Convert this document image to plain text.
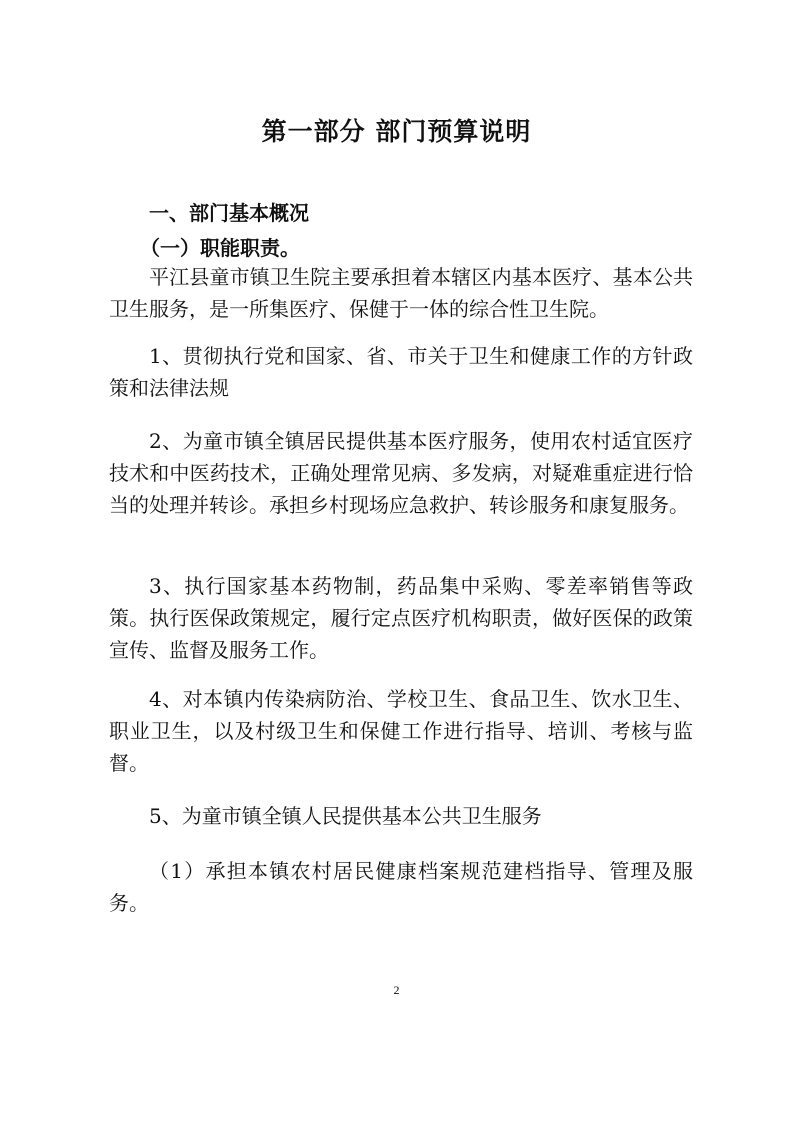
第一部分 部门预算说明
一、部门基本概况
（一）职能职责。

平江县童市镇卫生院主要承担着本辖区内基本医疗、基本公共卫生服务，是一所集医疗、保健于一体的综合性卫生院。

1、贯彻执行党和国家、省、市关于卫生和健康工作的方针政策和法律法规

2、为童市镇全镇居民提供基本医疗服务，使用农村适宜医疗技术和中医药技术，正确处理常见病、多发病，对疑难重症进行恰当的处理并转诊。承担乡村现场应急救护、转诊服务和康复服务。

3、执行国家基本药物制，药品集中采购、零差率销售等政策。执行医保政策规定，履行定点医疗机构职责，做好医保的政策宣传、监督及服务工作。

4、对本镇内传染病防治、学校卫生、食品卫生、饮水卫生、职业卫生，以及村级卫生和保健工作进行指导、培训、考核与监督。

5、为童市镇全镇人民提供基本公共卫生服务

（1）承担本镇农村居民健康档案规范建档指导、管理及服务。

2
